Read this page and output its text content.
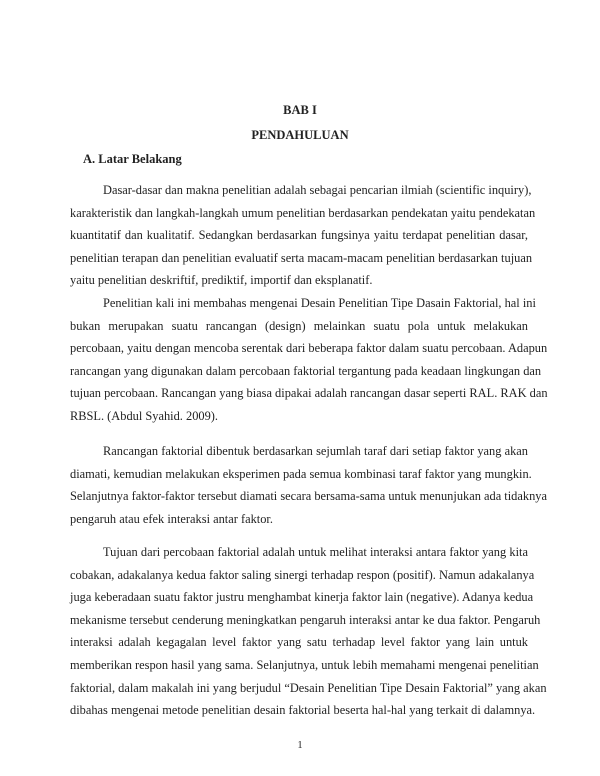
BAB I
PENDAHULUAN
A. Latar Belakang
Dasar-dasar dan makna penelitian adalah sebagai pencarian ilmiah (scientific inquiry),
karakteristik dan langkah-langkah umum penelitian berdasarkan pendekatan yaitu pendekatan
kuantitatif dan kualitatif. Sedangkan berdasarkan fungsinya yaitu terdapat penelitian dasar,
penelitian terapan dan penelitian evaluatif serta macam-macam penelitian berdasarkan tujuan
yaitu penelitian deskriftif, prediktif, importif dan eksplanatif.
Penelitian kali ini membahas mengenai Desain Penelitian Tipe Dasain Faktorial, hal ini
bukan merupakan suatu rancangan (design) melainkan suatu pola untuk melakukan
percobaan, yaitu dengan mencoba serentak dari beberapa faktor dalam suatu percobaan. Adapun
rancangan yang digunakan dalam percobaan faktorial tergantung pada keadaan lingkungan dan
tujuan percobaan. Rancangan yang biasa dipakai adalah rancangan dasar seperti RAL. RAK dan
RBSL. (Abdul Syahid. 2009).
Rancangan faktorial dibentuk berdasarkan sejumlah taraf dari setiap faktor yang akan
diamati, kemudian melakukan eksperimen pada semua kombinasi taraf faktor yang mungkin.
Selanjutnya faktor-faktor tersebut diamati secara bersama-sama untuk menunjukan ada tidaknya
pengaruh atau efek interaksi antar faktor.
Tujuan dari percobaan faktorial adalah untuk melihat interaksi antara faktor yang kita
cobakan, adakalanya kedua faktor saling sinergi terhadap respon (positif). Namun adakalanya
juga keberadaan suatu faktor justru menghambat kinerja faktor lain (negative). Adanya kedua
mekanisme tersebut cenderung meningkatkan pengaruh interaksi antar ke dua faktor. Pengaruh
interaksi adalah kegagalan level faktor yang satu terhadap level faktor yang lain untuk
memberikan respon hasil yang sama. Selanjutnya, untuk lebih memahami mengenai penelitian
faktorial, dalam makalah ini yang berjudul “Desain Penelitian Tipe Desain Faktorial” yang akan
dibahas mengenai metode penelitian desain faktorial beserta hal-hal yang terkait di dalamnya.
1
